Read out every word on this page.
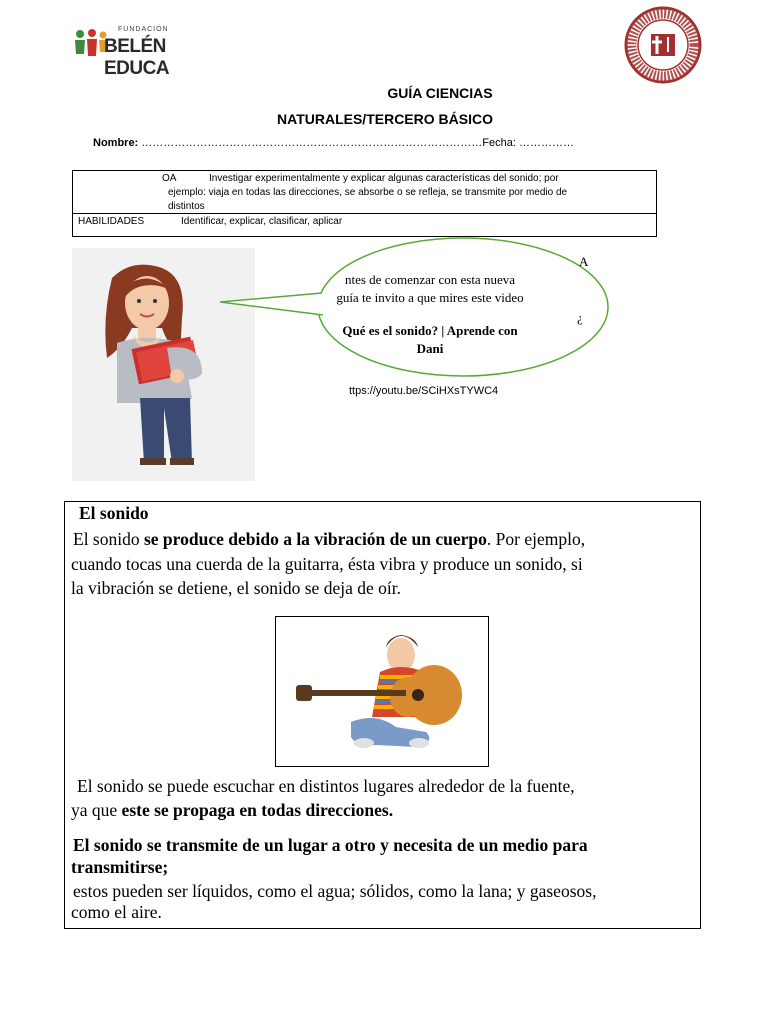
FUNDACIÓN
BELÉN EDUCA
GUÍA CIENCIAS
NATURALES/TERCERO BÁSICO
Nombre: …………………………………………………………………………………Fecha: ……………
OA	Investigar experimentalmente y explicar algunas características del sonido; por
ejemplo: viaja en todas las direcciones, se absorbe o se refleja, se transmite por medio de
distintos
HABILIDADES	Identificar, explicar, clasificar, aplicar
A
ntes de comenzar con esta nueva
guía te invito a que mires este video
¿
Qué es el sonido? | Aprende con
Dani
ttps://youtu.be/SCiHXsTYWC4
El sonido
El sonido se produce debido a la vibración de un cuerpo. Por ejemplo,
cuando tocas una cuerda de la guitarra, ésta vibra y produce un sonido, si
la vibración se detiene, el sonido se deja de oír.
El sonido se puede escuchar en distintos lugares alrededor de la fuente,
ya que este se propaga en todas direcciones.
El sonido se transmite de un lugar a otro y necesita de un medio para
transmitirse;
estos pueden ser líquidos, como el agua; sólidos, como la lana; y gaseosos,
como el aire.
